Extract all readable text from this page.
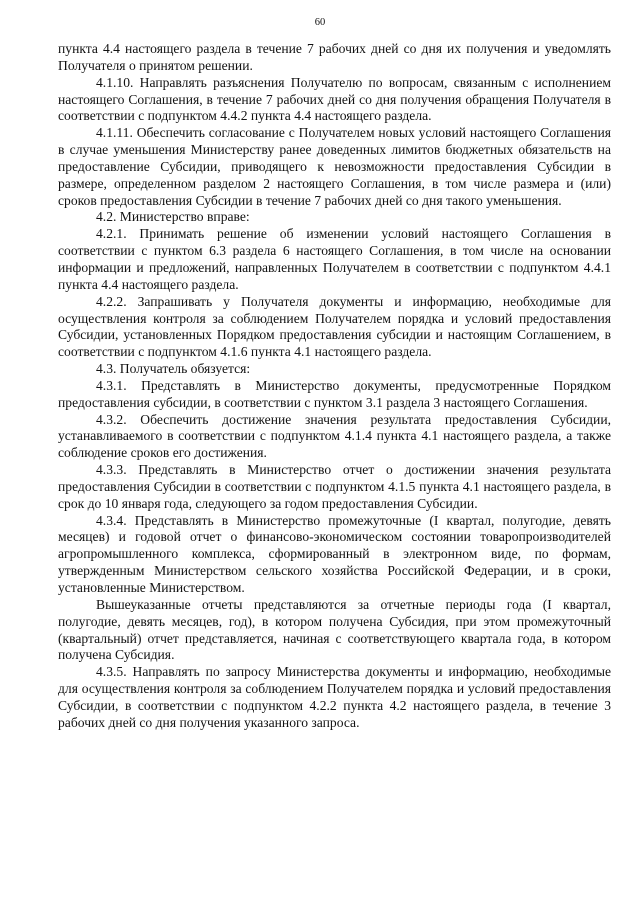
60

пункта 4.4 настоящего раздела в течение 7 рабочих дней со дня их получения и уведомлять Получателя о принятом решении.

4.1.10. Направлять разъяснения Получателю по вопросам, связанным с исполнением настоящего Соглашения, в течение 7 рабочих дней со дня получения обращения Получателя в соответствии с подпунктом 4.4.2 пункта 4.4 настоящего раздела.

4.1.11. Обеспечить согласование с Получателем новых условий настоящего Соглашения в случае уменьшения Министерству ранее доведенных лимитов бюджетных обязательств на предоставление Субсидии, приводящего к невозможности предоставления Субсидии в размере, определенном разделом 2 настоящего Соглашения, в том числе размера и (или) сроков предоставления Субсидии в течение 7 рабочих дней со дня такого уменьшения.

4.2. Министерство вправе:

4.2.1. Принимать решение об изменении условий настоящего Соглашения в соответствии с пунктом 6.3 раздела 6 настоящего Соглашения, в том числе на основании информации и предложений, направленных Получателем в соответствии с подпунктом 4.4.1 пункта 4.4 настоящего раздела.

4.2.2. Запрашивать у Получателя документы и информацию, необходимые для осуществления контроля за соблюдением Получателем порядка и условий предоставления Субсидии, установленных Порядком предоставления субсидии и настоящим Соглашением, в соответствии с подпунктом 4.1.6 пункта 4.1 настоящего раздела.

4.3. Получатель обязуется:

4.3.1. Представлять в Министерство документы, предусмотренные Порядком предоставления субсидии, в соответствии с пунктом 3.1 раздела 3 настоящего Соглашения.

4.3.2. Обеспечить достижение значения результата предоставления Субсидии, устанавливаемого в соответствии с подпунктом 4.1.4 пункта 4.1 настоящего раздела, а также соблюдение сроков его достижения.

4.3.3. Представлять в Министерство отчет о достижении значения результата предоставления Субсидии в соответствии с подпунктом 4.1.5 пункта 4.1 настоящего раздела, в срок до 10 января года, следующего за годом предоставления Субсидии.

4.3.4. Представлять в Министерство промежуточные (I квартал, полугодие, девять месяцев) и годовой отчет о финансово-экономическом состоянии товаропроизводителей агропромышленного комплекса, сформированный в электронном виде, по формам, утвержденным Министерством сельского хозяйства Российской Федерации, и в сроки, установленные Министерством.

Вышеуказанные отчеты представляются за отчетные периоды года (I квартал, полугодие, девять месяцев, год), в котором получена Субсидия, при этом промежуточный (квартальный) отчет представляется, начиная с соответствующего квартала года, в котором получена Субсидия.

4.3.5. Направлять по запросу Министерства документы и информацию, необходимые для осуществления контроля за соблюдением Получателем порядка и условий предоставления Субсидии, в соответствии с подпунктом 4.2.2 пункта 4.2 настоящего раздела, в течение 3 рабочих дней со дня получения указанного запроса.
